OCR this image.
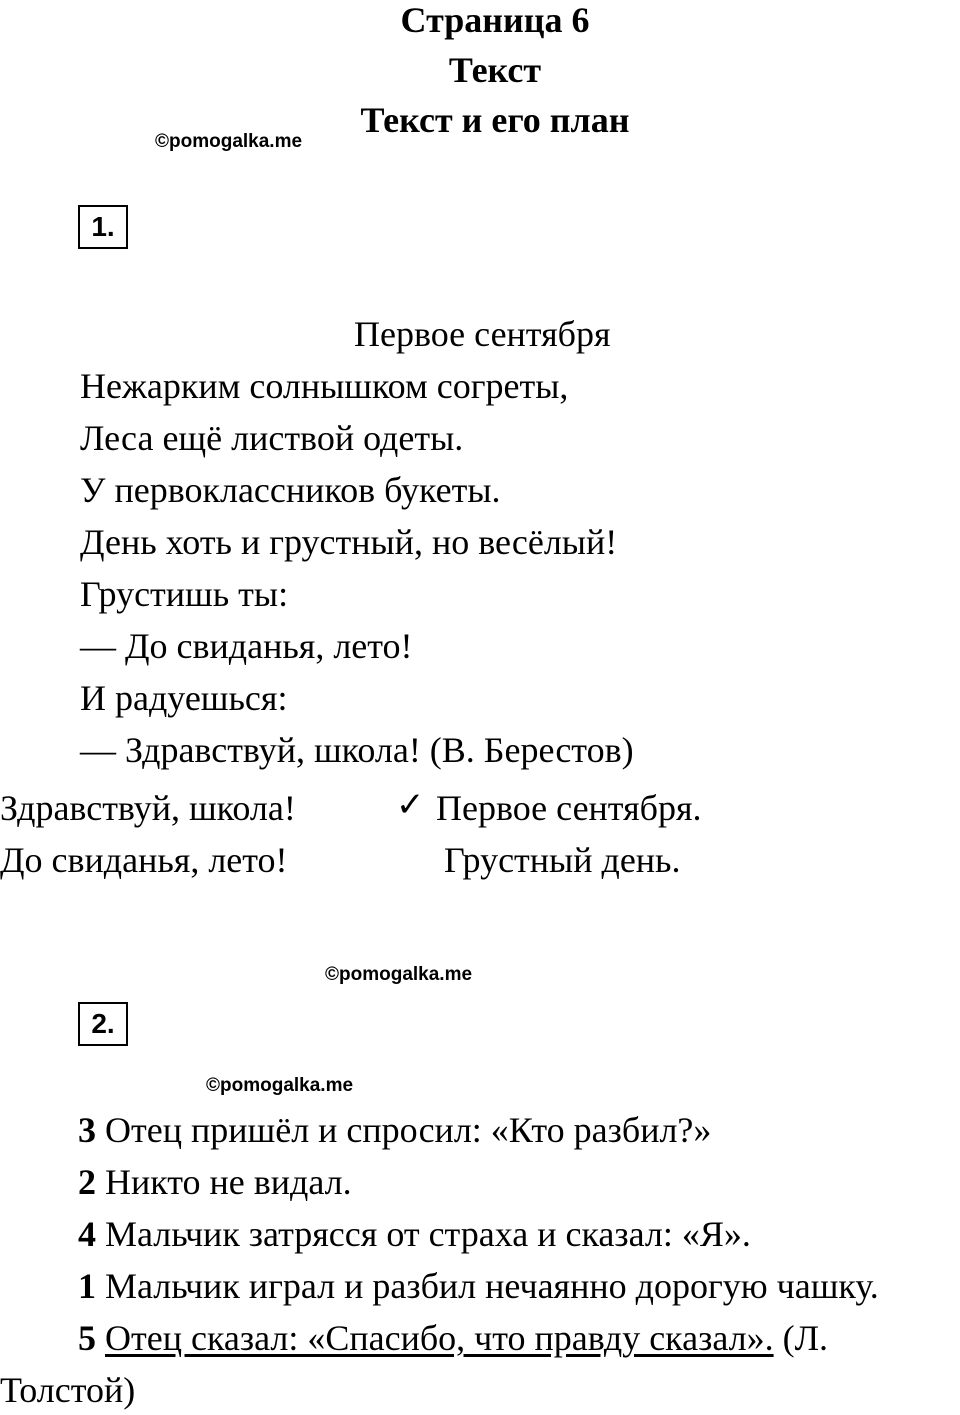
Страница 6
Текст
Текст и его план
©pomogalka.me
1.
Первое сентября
Нежарким солнышком согреты,
Леса ещё листвой одеты.
У первоклассников букеты.
День хоть и грустный, но весёлый!
Грустишь ты:
— До свиданья, лето!
И радуешься:
— Здравствуй, школа! (В. Берестов)
Здравствуй, школа!	✓ Первое сентября.
До свиданья, лето!	Грустный день.
©pomogalka.me
2.
©pomogalka.me
3 Отец пришёл и спросил: «Кто разбил?»
2 Никто не видал.
4 Мальчик затрясся от страха и сказал: «Я».
1 Мальчик играл и разбил нечаянно дорогую чашку.
5 Отец сказал: «Спасибо, что правду сказал». (Л.
Толстой)
